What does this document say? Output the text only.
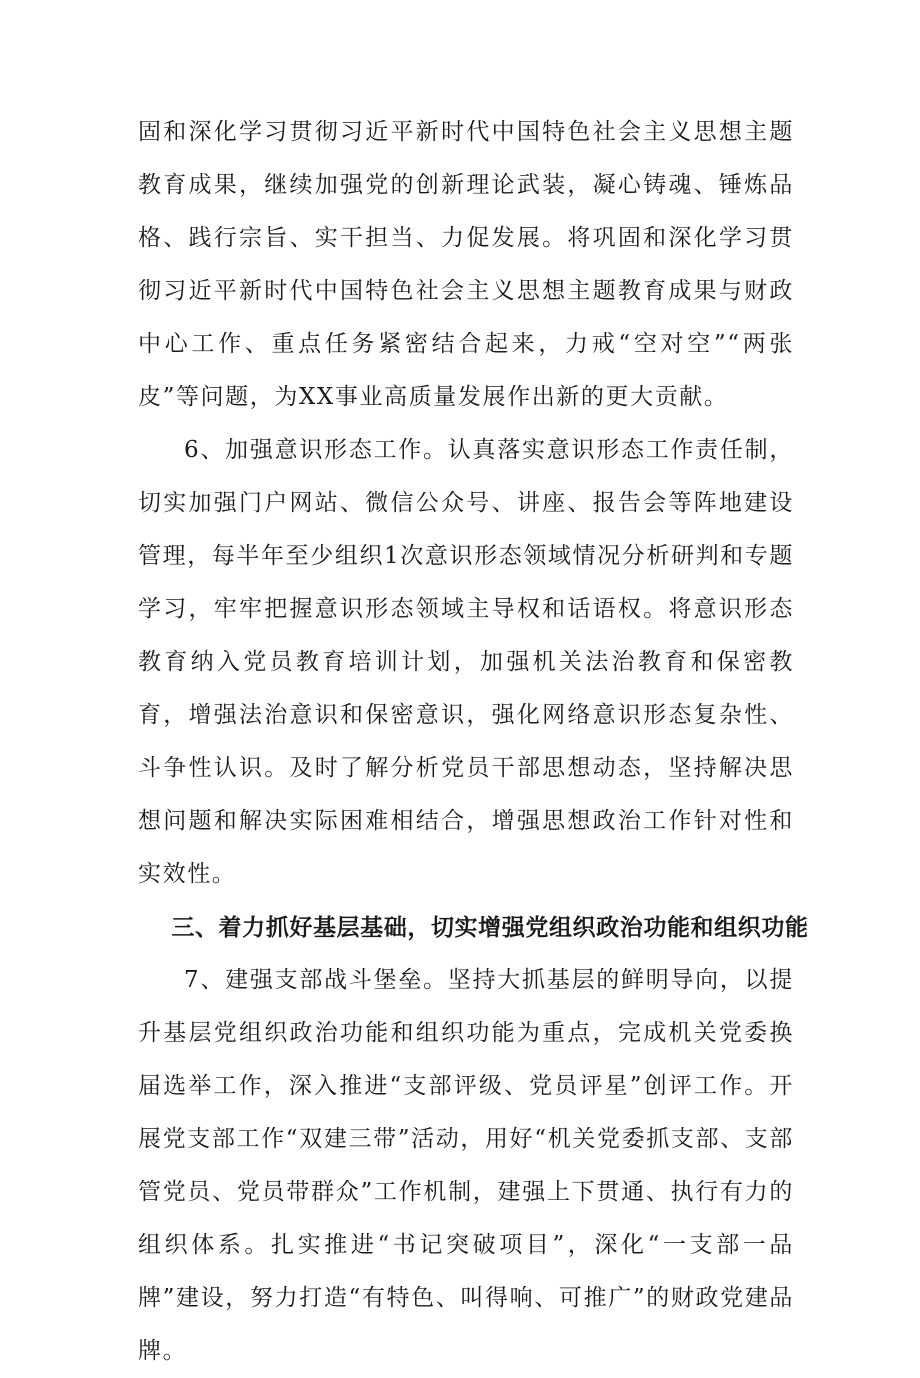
固和深化学习贯彻习近平新时代中国特色社会主义思想主题教育成果，继续加强党的创新理论武装，凝心铸魂、锤炼品格、践行宗旨、实干担当、力促发展。将巩固和深化学习贯彻习近平新时代中国特色社会主义思想主题教育成果与财政中心工作、重点任务紧密结合起来，力戒“空对空”“两张皮”等问题，为XX事业高质量发展作出新的更大贡献。

6、加强意识形态工作。认真落实意识形态工作责任制，切实加强门户网站、微信公众号、讲座、报告会等阵地建设管理，每半年至少组织1次意识形态领域情况分析研判和专题学习，牢牢把握意识形态领域主导权和话语权。将意识形态教育纳入党员教育培训计划，加强机关法治教育和保密教育，增强法治意识和保密意识，强化网络意识形态复杂性、斗争性认识。及时了解分析党员干部思想动态，坚持解决思想问题和解决实际困难相结合，增强思想政治工作针对性和实效性。

三、着力抓好基层基础，切实增强党组织政治功能和组织功能

7、建强支部战斗堡垒。坚持大抓基层的鲜明导向，以提升基层党组织政治功能和组织功能为重点，完成机关党委换届选举工作，深入推进“支部评级、党员评星”创评工作。开展党支部工作“双建三带”活动，用好“机关党委抓支部、支部管党员、党员带群众”工作机制，建强上下贯通、执行有力的组织体系。扎实推进“书记突破项目”，深化“一支部一品牌”建设，努力打造“有特色、叫得响、可推广”的财政党建品牌。
